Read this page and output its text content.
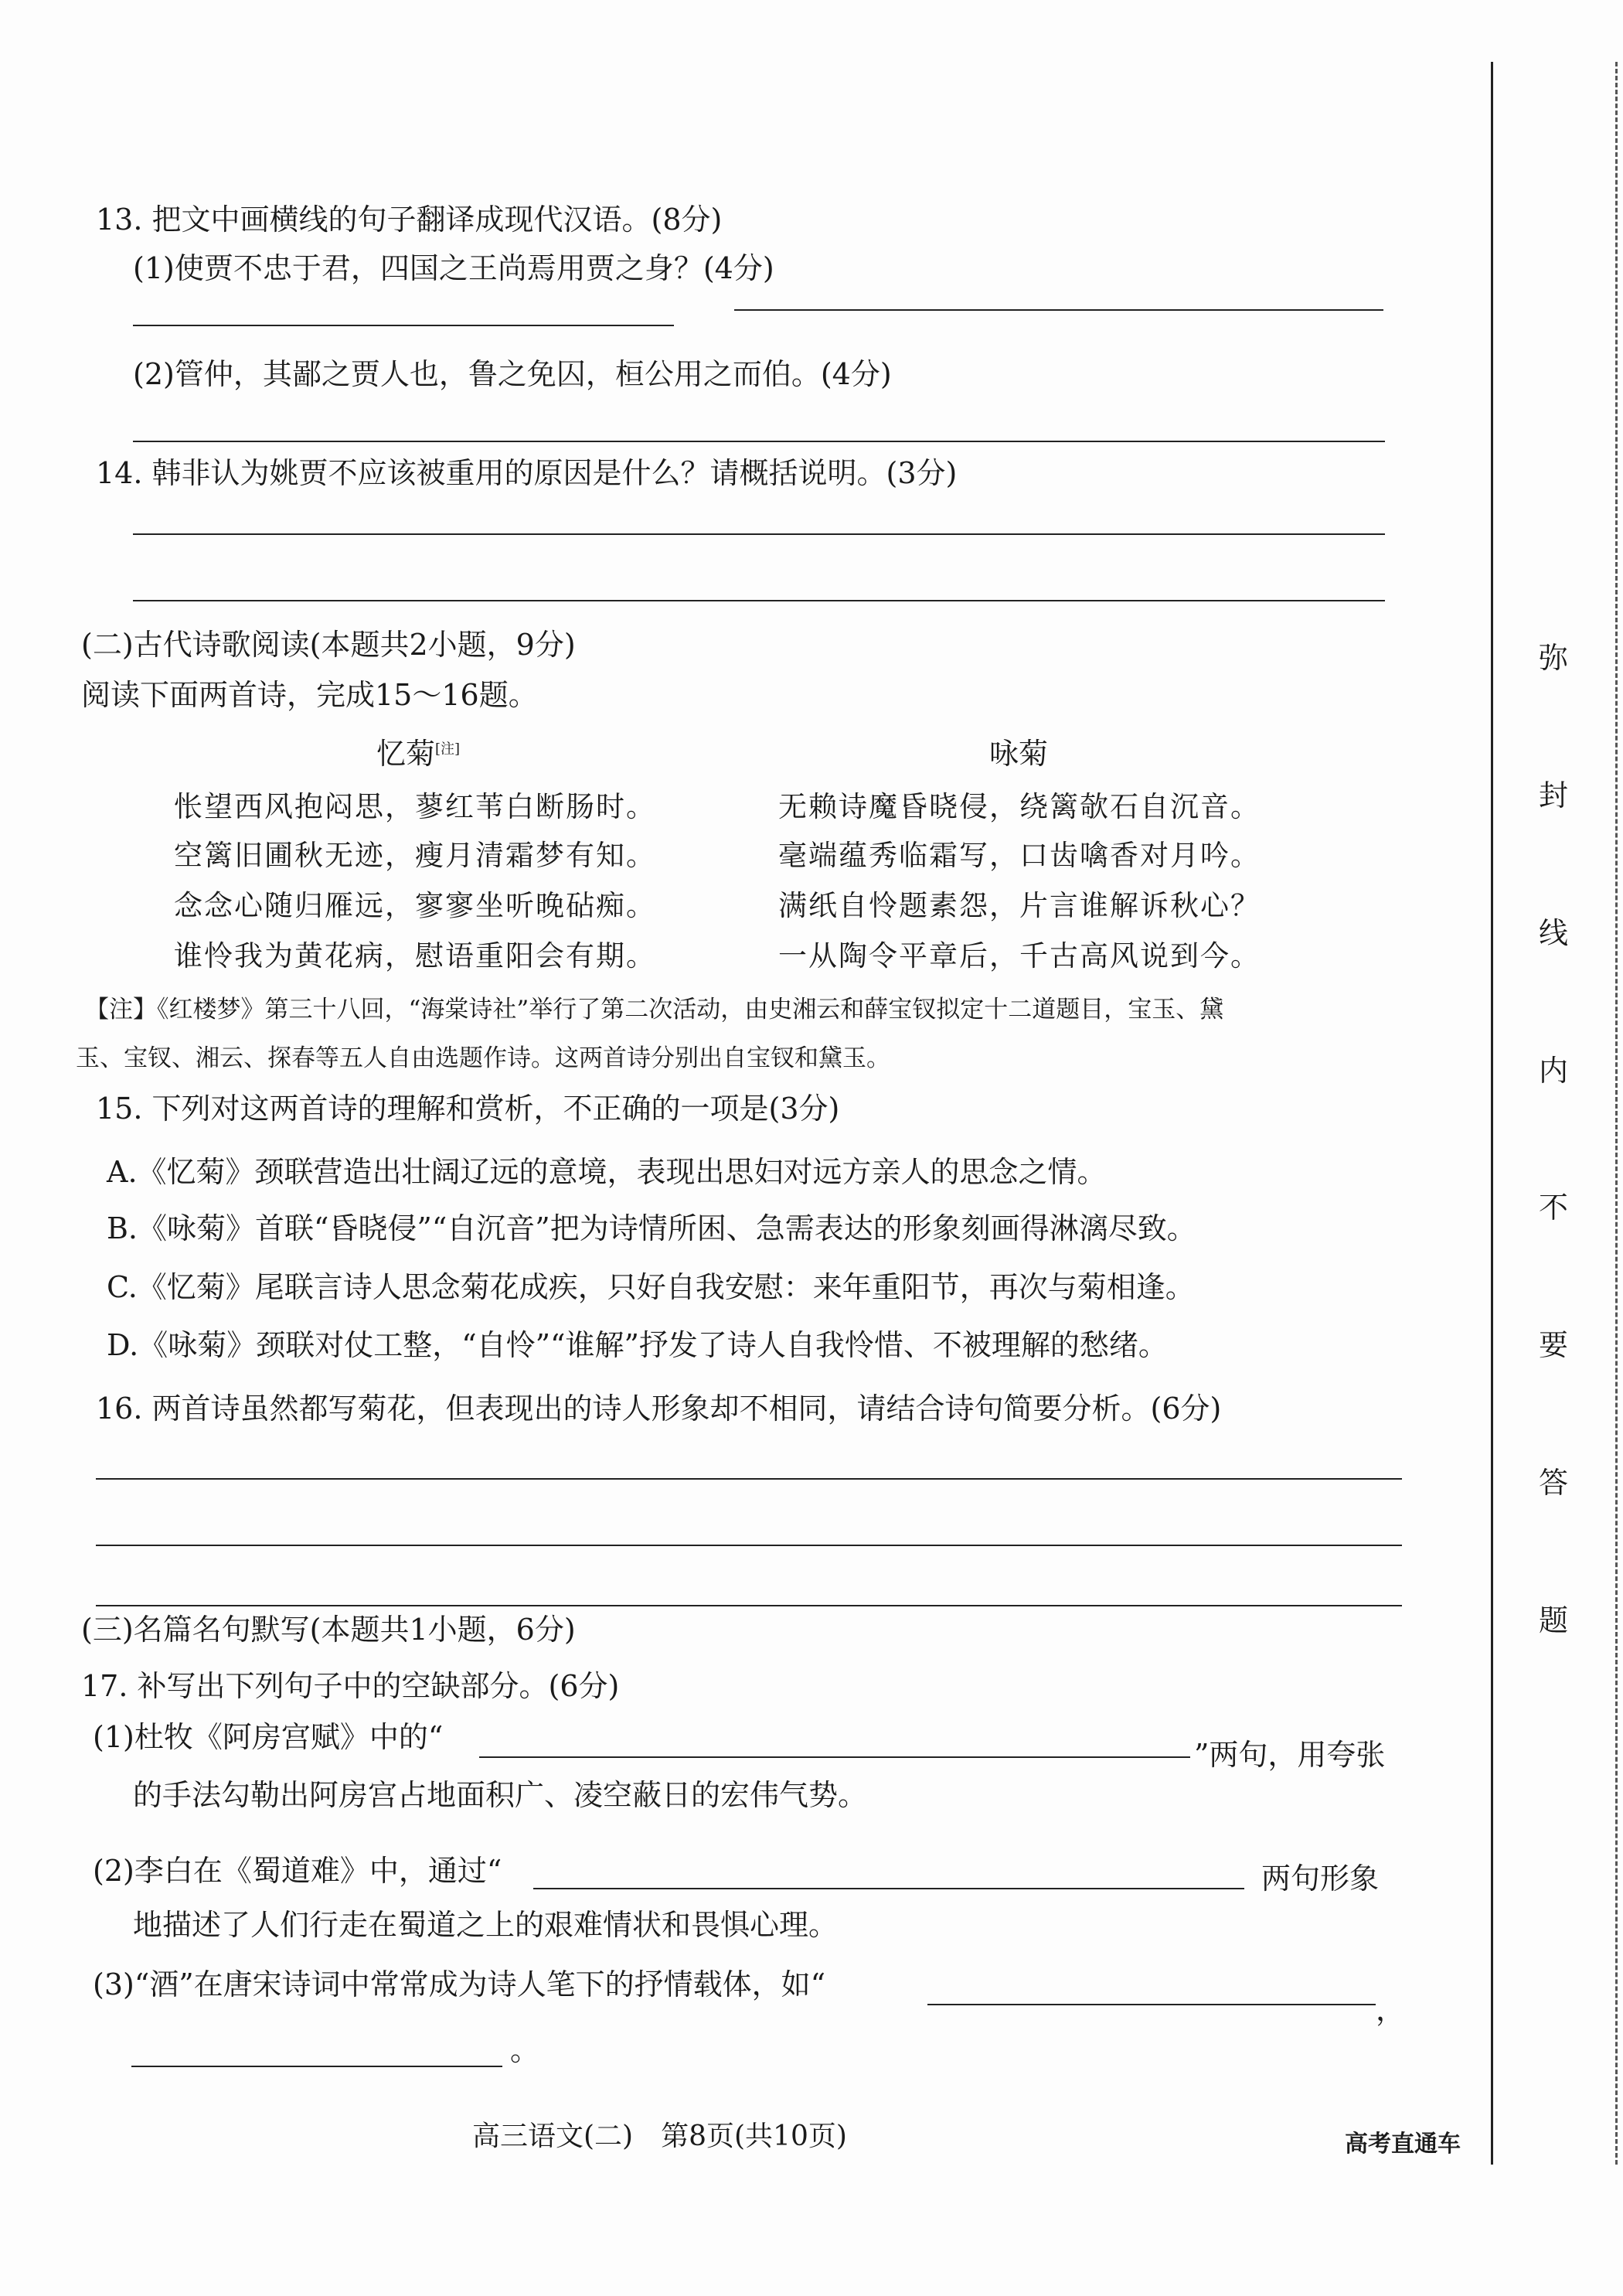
弥
封
线
内
不
要
答
题
13. 把文中画横线的句子翻译成现代汉语。(8分)
(1)使贾不忠于君，四国之王尚焉用贾之身？(4分)
(2)管仲，其鄙之贾人也，鲁之免囚，桓公用之而伯。(4分)
14. 韩非认为姚贾不应该被重用的原因是什么？请概括说明。(3分)
(二)古代诗歌阅读(本题共2小题，9分)
阅读下面两首诗，完成15～16题。
忆菊[注]	咏菊
怅望西风抱闷思，蓼红苇白断肠时。
空篱旧圃秋无迹，瘦月清霜梦有知。
念念心随归雁远，寥寥坐听晚砧痴。
谁怜我为黄花病，慰语重阳会有期。
无赖诗魔昏晓侵，绕篱欹石自沉音。
毫端蕴秀临霜写，口齿噙香对月吟。
满纸自怜题素怨，片言谁解诉秋心？
一从陶令平章后，千古高风说到今。
【注】《红楼梦》第三十八回，“海棠诗社”举行了第二次活动，由史湘云和薛宝钗拟定十二道题目，宝玉、黛
玉、宝钗、湘云、探春等五人自由选题作诗。这两首诗分别出自宝钗和黛玉。
15. 下列对这两首诗的理解和赏析，不正确的一项是(3分)
A.《忆菊》颈联营造出壮阔辽远的意境，表现出思妇对远方亲人的思念之情。
B.《咏菊》首联“昏晓侵”“自沉音”把为诗情所困、急需表达的形象刻画得淋漓尽致。
C.《忆菊》尾联言诗人思念菊花成疾，只好自我安慰：来年重阳节，再次与菊相逢。
D.《咏菊》颈联对仗工整，“自怜”“谁解”抒发了诗人自我怜惜、不被理解的愁绪。
16. 两首诗虽然都写菊花，但表现出的诗人形象却不相同，请结合诗句简要分析。(6分)
(三)名篇名句默写(本题共1小题，6分)
17. 补写出下列句子中的空缺部分。(6分)
(1)杜牧《阿房宫赋》中的“
”两句，用夸张
的手法勾勒出阿房宫占地面积广、凌空蔽日的宏伟气势。
(2)李白在《蜀道难》中，通过“	两句形象
地描述了人们行走在蜀道之上的艰难情状和畏惧心理。
(3)“酒”在唐宋诗词中常常成为诗人笔下的抒情载体，如“
，
。
高三语文(二)　第8页(共10页)	高考直通车
